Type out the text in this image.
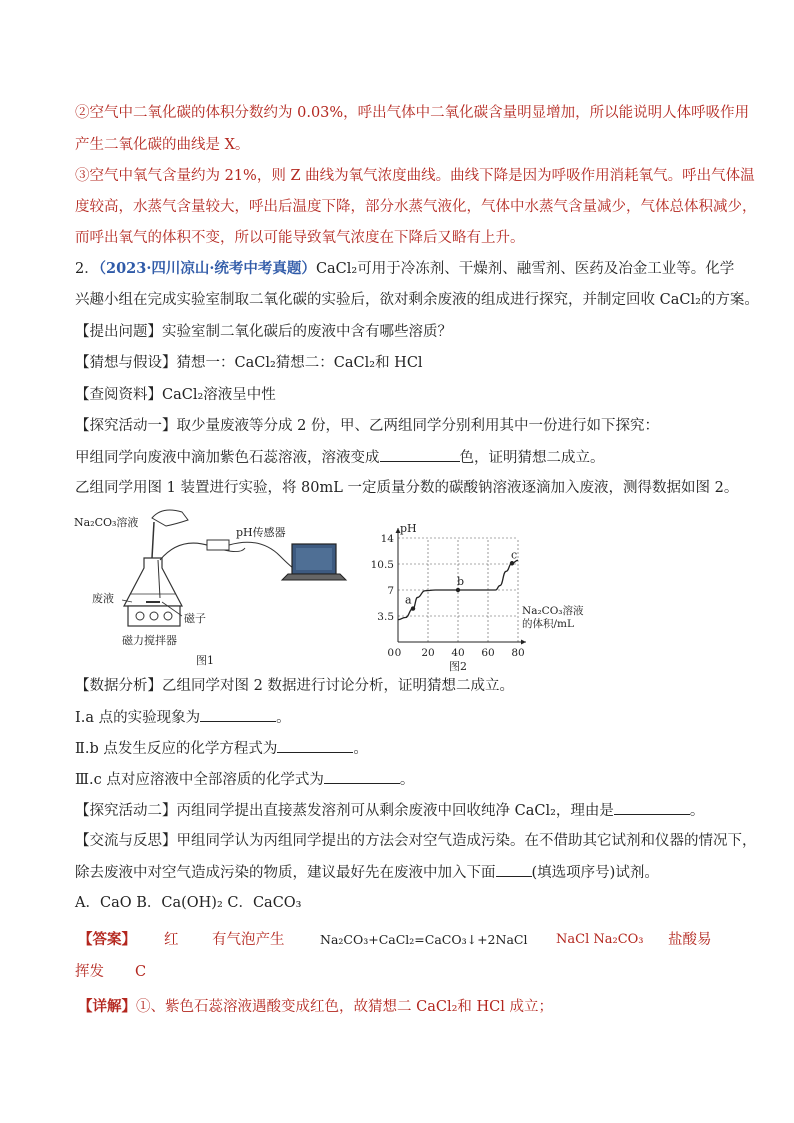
②空气中二氧化碳的体积分数约为 0.03%，呼出气体中二氧化碳含量明显增加，所以能说明人体呼吸作用
产生二氧化碳的曲线是 X。
③空气中氧气含量约为 21%，则 Z 曲线为氧气浓度曲线。曲线下降是因为呼吸作用消耗氧气。呼出气体温
度较高，水蒸气含量较大，呼出后温度下降，部分水蒸气液化，气体中水蒸气含量减少，气体总体积减少，
而呼出氧气的体积不变，所以可能导致氧气浓度在下降后又略有上升。
2．（2023·四川凉山·统考中考真题）CaCl₂可用于冷冻剂、干燥剂、融雪剂、医药及冶金工业等。化学
兴趣小组在完成实验室制取二氧化碳的实验后，欲对剩余废液的组成进行探究，并制定回收 CaCl₂的方案。
【提出问题】实验室制二氧化碳后的废液中含有哪些溶质？
【猜想与假设】猜想一：CaCl₂猜想二：CaCl₂和 HCl
【查阅资料】CaCl₂溶液呈中性
【探究活动一】取少量废液等分成 2 份，甲、乙两组同学分别利用其中一份进行如下探究：
甲组同学向废液中滴加紫色石蕊溶液，溶液变成	色，证明猜想二成立。
乙组同学用图 1 装置进行实验，将 80mL 一定质量分数的碳酸钠溶液逐滴加入废液，测得数据如图 2。
Na₂CO₃溶液
pH传感器
废液
磁子
磁力搅拌器
图1
0 20 40 60 80
3.5
7
10.5
14
0
pH
Na₂CO₃溶液
的体积/mL
a
b
c
图2
【数据分析】乙组同学对图 2 数据进行讨论分析，证明猜想二成立。
I.a 点的实验现象为	。
Ⅱ.b 点发生反应的化学方程式为	。
Ⅲ.c 点对应溶液中全部溶质的化学式为	。
【探究活动二】丙组同学提出直接蒸发溶剂可从剩余废液中回收纯净 CaCl₂，理由是	。
【交流与反思】甲组同学认为丙组同学提出的方法会对空气造成污染。在不借助其它试剂和仪器的情况下，
除去废液中对空气造成污染的物质，建议最好先在废液中加入下面 (填选项序号)试剂。
A．CaO B．Ca(OH)₂ C．CaCO₃
【答案】 红 有气泡产生	Na₂CO₃+CaCl₂=CaCO₃↓+2NaCl NaCl Na₂CO₃ 盐酸易
挥发 C
【详解】①、紫色石蕊溶液遇酸变成红色，故猜想二 CaCl₂和 HCl 成立；
